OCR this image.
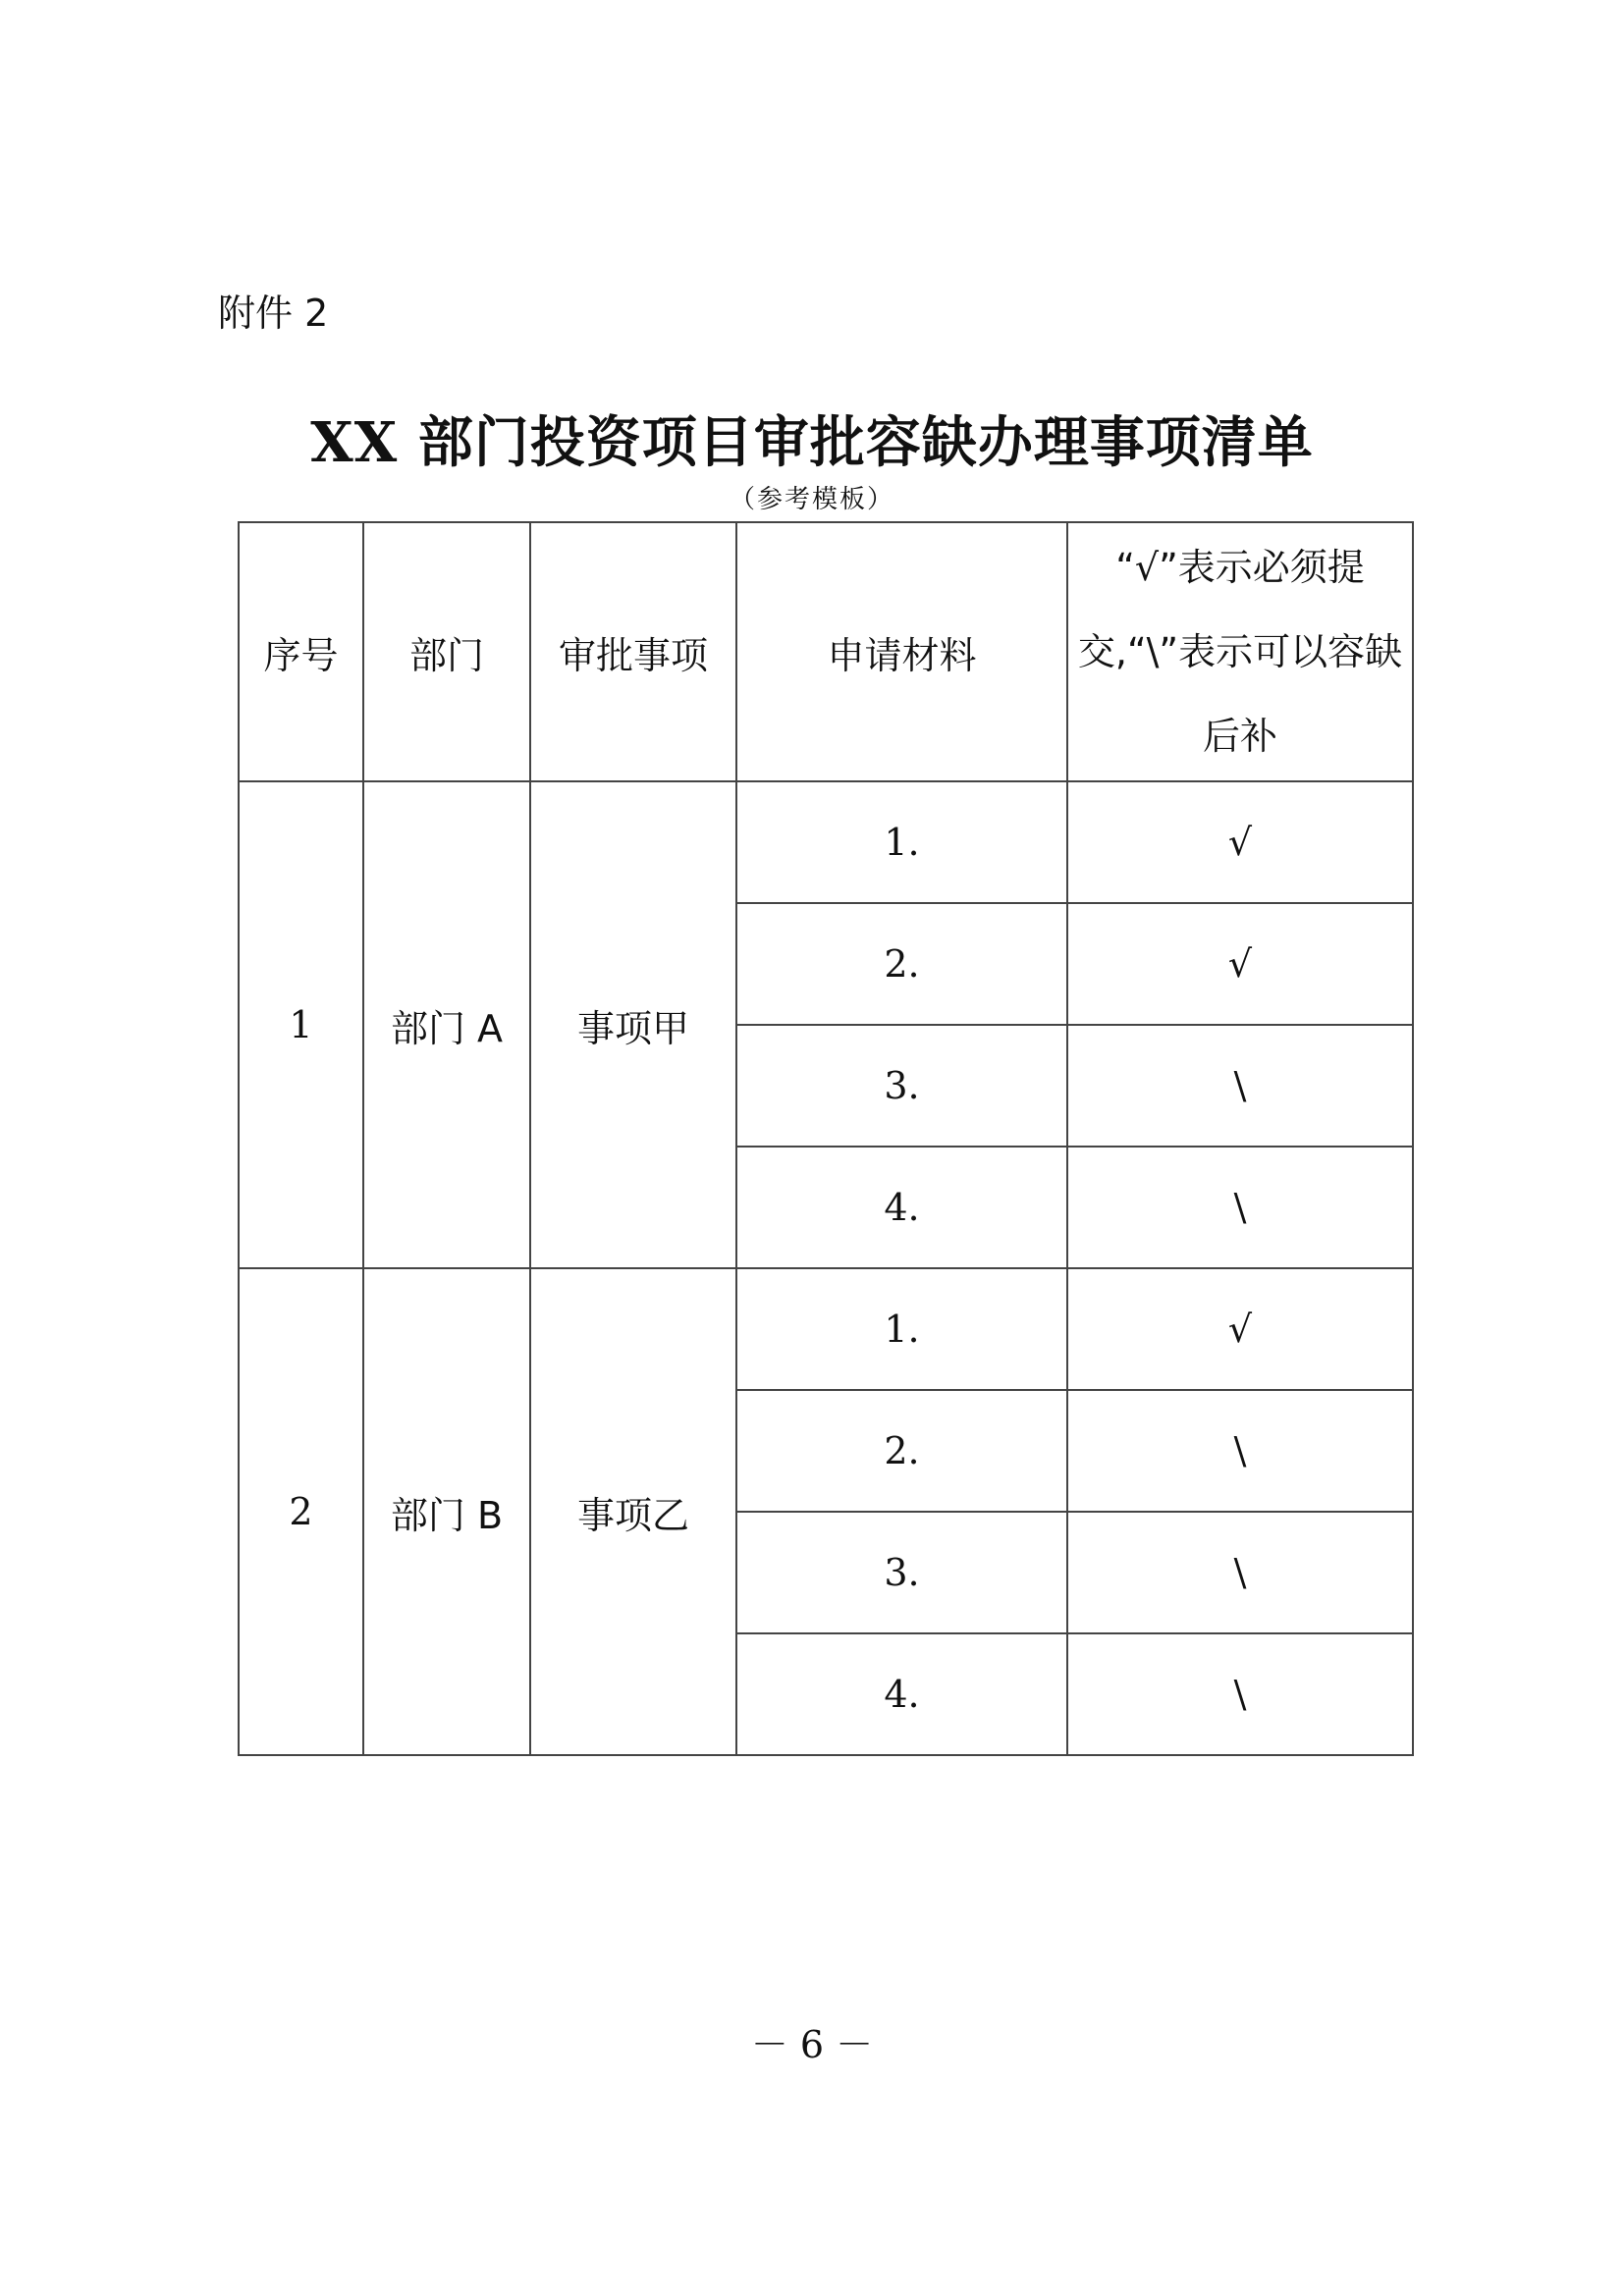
附件 2
XX 部门投资项目审批容缺办理事项清单
（参考模板）
序号	部门	审批事项	申请材料	“√”表示必须提交,“\”表示可以容缺后补
1	部门 A	事项甲	1.	√
			2.	√
			3.	\
			4.	\
2	部门 B	事项乙	1.	√
			2.	\
			3.	\
			4.	\
－ 6 －
